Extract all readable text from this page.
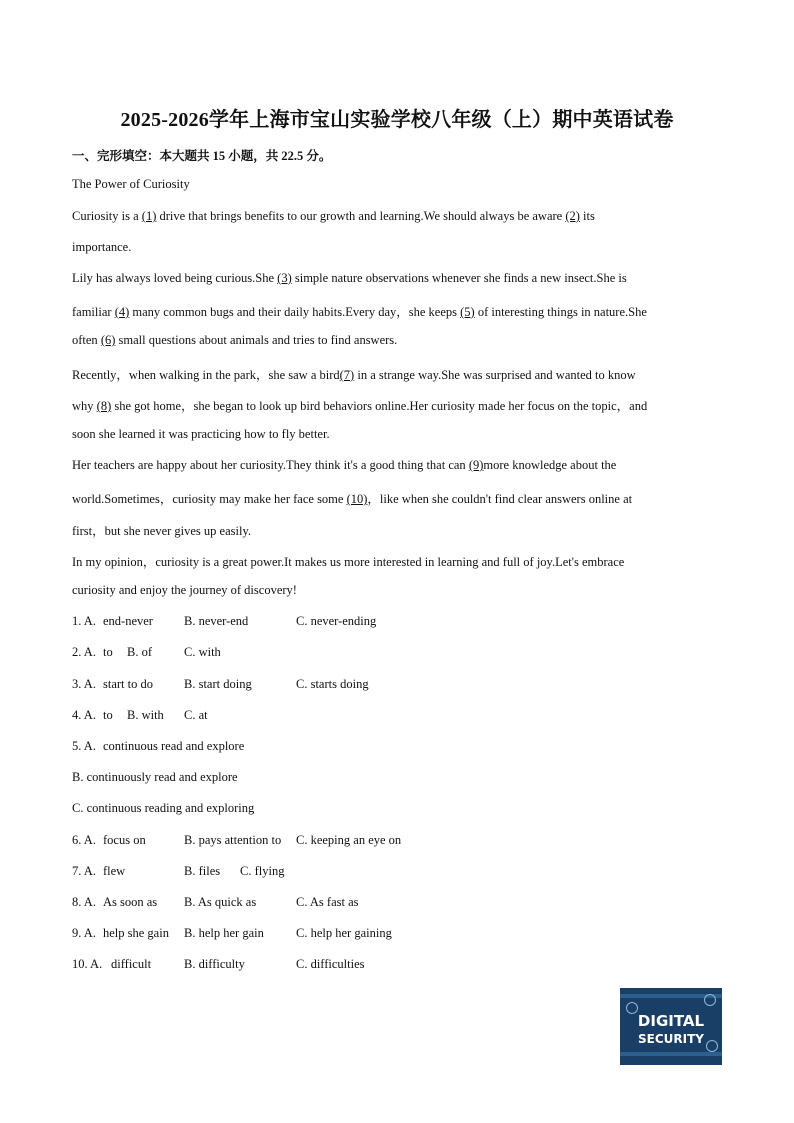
2025-2026学年上海市宝山实验学校八年级（上）期中英语试卷
一、完形填空：本大题共 15 小题，共 22.5 分。
The Power of Curiosity
Curiosity is a (1) drive that brings benefits to our growth and learning.We should always be aware (2) its
importance.
Lily has always loved being curious.She (3) simple nature observations whenever she finds a new insect.She is
familiar (4) many common bugs and their daily habits.Every day，she keeps (5) of interesting things in nature.She
often (6) small questions about animals and tries to find answers.
Recently，when walking in the park，she saw a bird(7) in a strange way.She was surprised and wanted to know
why (8) she got home，she began to look up bird behaviors online.Her curiosity made her focus on the topic，and
soon she learned it was practicing how to fly better.
Her teachers are happy about her curiosity.They think it's a good thing that can (9)more knowledge about the
world.Sometimes，curiosity may make her face some (10)，like when she couldn't find clear answers online at
first，but she never gives up easily.
In my opinion，curiosity is a great power.It makes us more interested in learning and full of joy.Let's embrace
curiosity and enjoy the journey of discovery!
1. A. end-never B. never-end	C. never-ending
2. A. to B. of	C. with
3. A. start to do B. start doing	C. starts doing
4. A. to B. with C. at
5. A. continuous read and explore
B. continuously read and explore
C. continuous reading and exploring
6. A. focus on	B. pays attention to C. keeping an eye on
7. A. flew	B. files C. flying
8. A. As soon as B. As quick as	C. As fast as
9. A. help she gain B. help her gain	C. help her gaining
10. A. difficult	B. difficulty	C. difficulties
DIGITAL
SECURITY
